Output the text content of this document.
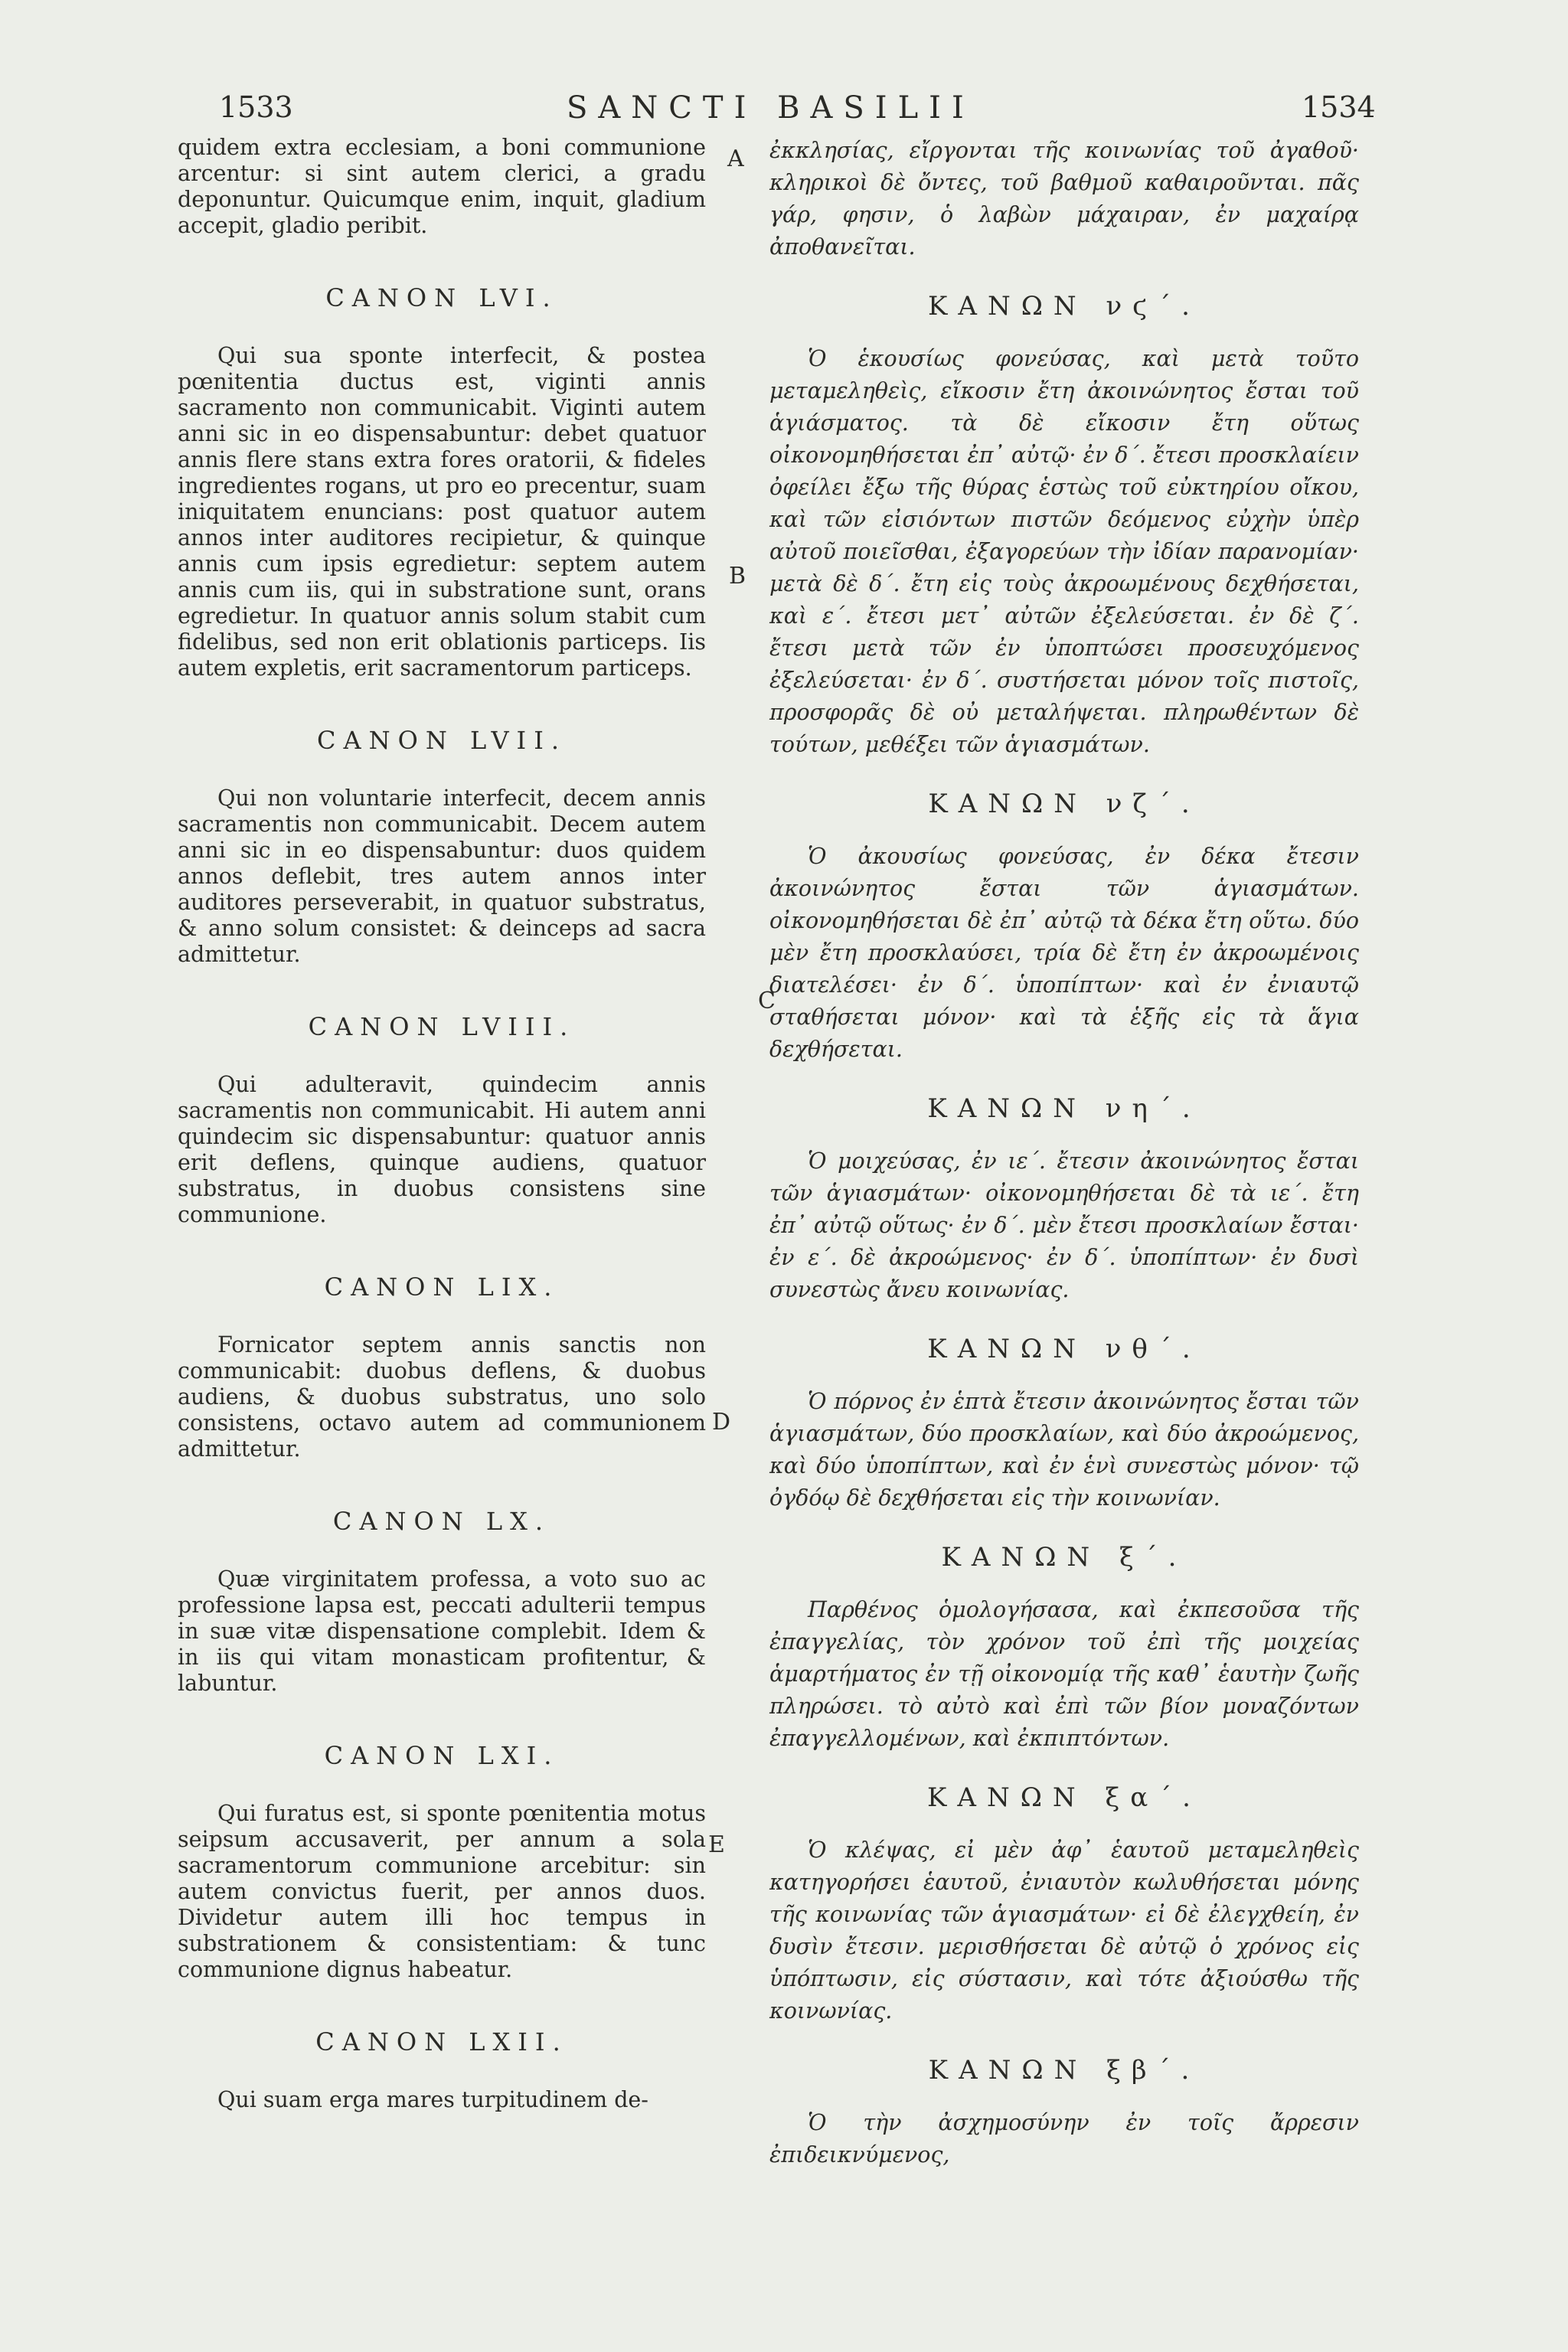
1533	SANCTI BASILII	1534
A
B
C
D
E

quidem extra ecclesiam, a boni communione arcentur: si sint autem clerici, a gradu deponuntur. Quicumque enim, inquit, gladium accepit, gladio peribit.

CANON LVI.

Qui sua sponte interfecit, & postea pœnitentia ductus est, viginti annis sacramento non communicabit. Viginti autem anni sic in eo dispensabuntur: debet quatuor annis flere stans extra fores oratorii, & fideles ingredientes rogans, ut pro eo precentur, suam iniquitatem enuncians: post quatuor autem annos inter auditores recipietur, & quinque annis cum ipsis egredietur: septem autem annis cum iis, qui in substratione sunt, orans egredietur. In quatuor annis solum stabit cum fidelibus, sed non erit oblationis particeps. Iis autem expletis, erit sacramentorum particeps.

CANON LVII.

Qui non voluntarie interfecit, decem annis sacramentis non communicabit. Decem autem anni sic in eo dispensabuntur: duos quidem annos deflebit, tres autem annos inter auditores perseverabit, in quatuor substratus, & anno solum consistet: & deinceps ad sacra admittetur.

CANON LVIII.

Qui adulteravit, quindecim annis sacramentis non communicabit. Hi autem anni quindecim sic dispensabuntur: quatuor annis erit deflens, quinque audiens, quatuor substratus, in duobus consistens sine communione.

CANON LIX.

Fornicator septem annis sanctis non communicabit: duobus deflens, & duobus audiens, & duobus substratus, uno solo consistens, octavo autem ad communionem admittetur.

CANON LX.

Quæ virginitatem professa, a voto suo ac professione lapsa est, peccati adulterii tempus in suæ vitæ dispensatione complebit. Idem & in iis qui vitam monasticam profitentur, & labuntur.

CANON LXI.

Qui furatus est, si sponte pœnitentia motus seipsum accusaverit, per annum a sola sacramentorum communione arcebitur: sin autem convictus fuerit, per annos duos. Dividetur autem illi hoc tempus in substrationem & consistentiam: & tunc communione dignus habeatur.

CANON LXII.

Qui suam erga mares turpitudinem de-

ἐκκλησίας, εἴργονται τῆς κοινωνίας τοῦ ἀγαθοῦ· κληρικοὶ δὲ ὄντες, τοῦ βαθμοῦ καθαιροῦνται. πᾶς γάρ, φησιν, ὁ λαβὼν μάχαιραν, ἐν μαχαίρᾳ ἀποθανεῖται.

ΚΑΝΩΝ νϛ΄.

Ὁ ἑκουσίως φονεύσας, καὶ μετὰ τοῦτο μεταμεληθεὶς, εἴκοσιν ἔτη ἀκοινώνητος ἔσται τοῦ ἁγιάσματος. τὰ δὲ εἴκοσιν ἔτη οὕτως οἰκονομηθήσεται ἐπ᾽ αὐτῷ· ἐν δ΄. ἔτεσι προσκλαίειν ὀφείλει ἔξω τῆς θύρας ἑστὼς τοῦ εὐκτηρίου οἴκου, καὶ τῶν εἰσιόντων πιστῶν δεόμενος εὐχὴν ὑπὲρ αὐτοῦ ποιεῖσθαι, ἐξαγορεύων τὴν ἰδίαν παρανομίαν· μετὰ δὲ δ΄. ἔτη εἰς τοὺς ἀκροωμένους δεχθήσεται, καὶ ε΄. ἔτεσι μετ᾽ αὐτῶν ἐξελεύσεται. ἐν δὲ ζ΄. ἔτεσι μετὰ τῶν ἐν ὑποπτώσει προσευχόμενος ἐξελεύσεται· ἐν δ΄. συστήσεται μόνον τοῖς πιστοῖς, προσφορᾶς δὲ οὐ μεταλήψεται. πληρωθέντων δὲ τούτων, μεθέξει τῶν ἁγιασμάτων.

ΚΑΝΩΝ νζ΄.

Ὁ ἀκουσίως φονεύσας, ἐν δέκα ἔτεσιν ἀκοινώνητος ἔσται τῶν ἁγιασμάτων. οἰκονομηθήσεται δὲ ἐπ᾽ αὐτῷ τὰ δέκα ἔτη οὕτω. δύο μὲν ἔτη προσκλαύσει, τρία δὲ ἔτη ἐν ἀκροωμένοις διατελέσει· ἐν δ΄. ὑποπίπτων· καὶ ἐν ἐνιαυτῷ σταθήσεται μόνον· καὶ τὰ ἑξῆς εἰς τὰ ἅγια δεχθήσεται.

ΚΑΝΩΝ νη΄.

Ὁ μοιχεύσας, ἐν ιε΄. ἔτεσιν ἀκοινώνητος ἔσται τῶν ἁγιασμάτων· οἰκονομηθήσεται δὲ τὰ ιε΄. ἔτη ἐπ᾽ αὐτῷ οὕτως· ἐν δ΄. μὲν ἔτεσι προσκλαίων ἔσται· ἐν ε΄. δὲ ἀκροώμενος· ἐν δ΄. ὑποπίπτων· ἐν δυσὶ συνεστὼς ἄνευ κοινωνίας.

ΚΑΝΩΝ νθ΄.

Ὁ πόρνος ἐν ἑπτὰ ἔτεσιν ἀκοινώνητος ἔσται τῶν ἁγιασμάτων, δύο προσκλαίων, καὶ δύο ἀκροώμενος, καὶ δύο ὑποπίπτων, καὶ ἐν ἑνὶ συνεστὼς μόνον· τῷ ὀγδόῳ δὲ δεχθήσεται εἰς τὴν κοινωνίαν.

ΚΑΝΩΝ ξ΄.

Παρθένος ὁμολογήσασα, καὶ ἐκπεσοῦσα τῆς ἐπαγγελίας, τὸν χρόνον τοῦ ἐπὶ τῆς μοιχείας ἁμαρτήματος ἐν τῇ οἰκονομίᾳ τῆς καθ᾽ ἑαυτὴν ζωῆς πληρώσει. τὸ αὐτὸ καὶ ἐπὶ τῶν βίον μοναζόντων ἐπαγγελλομένων, καὶ ἐκπιπτόντων.

ΚΑΝΩΝ ξα΄.

Ὁ κλέψας, εἰ μὲν ἀφ᾽ ἑαυτοῦ μεταμεληθεὶς κατηγορήσει ἑαυτοῦ, ἐνιαυτὸν κωλυθήσεται μόνης τῆς κοινωνίας τῶν ἁγιασμάτων· εἰ δὲ ἐλεγχθείη, ἐν δυσὶν ἔτεσιν. μερισθήσεται δὲ αὐτῷ ὁ χρόνος εἰς ὑπόπτωσιν, εἰς σύστασιν, καὶ τότε ἀξιούσθω τῆς κοινωνίας.

ΚΑΝΩΝ ξβ΄.

Ὁ τὴν ἀσχημοσύνην ἐν τοῖς ἄρρεσιν ἐπιδεικνύμενος,
